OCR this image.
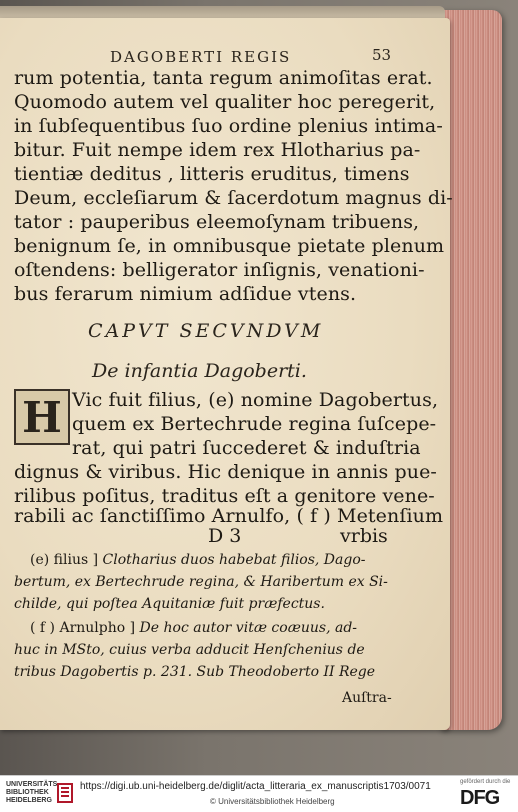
DAGOBERTI REGIS	53
rum potentia, tanta regum animoſitas erat.
Quomodo autem vel qualiter hoc peregerit,
in ſubſequentibus ſuo ordine plenius intima-
bitur. Fuit nempe idem rex Hlotharius pa-
tientiæ deditus , litteris eruditus, timens
Deum, eccleſiarum & ſacerdotum magnus di-
tator : pauperibus eleemoſynam tribuens,
benignum ſe, in omnibusque pietate plenum
oſtendens: belligerator inſignis, venationi-
bus ferarum nimium adſidue vtens.
CAPVT SECVNDVM
De infantia Dagoberti.
H Vic fuit filius, (e) nomine Dagobertus,
quem ex Bertechrude regina ſuſcepe-
rat, qui patri ſuccederet & induſtria
dignus & viribus. Hic denique in annis pue-
rilibus poſitus, traditus eſt a genitore vene-
rabili ac ſanctiſſimo Arnulfo, ( f ) Metenſium
D 3	vrbis
(e) filius ] Clotharius duos habebat filios, Dago-
bertum, ex Bertechrude regina, & Haribertum ex Si-
childe, qui poſtea Aquitaniæ fuit præfectus.
( f ) Arnulpho ] De hoc autor vitæ coæuus, ad-
huc in MSto, cuius verba adducit Henſchenius de
tribus Dagobertis p. 231. Sub Theodoberto II Rege
Auſtra-
UNIVERSITÄTS-
BIBLIOTHEK
HEIDELBERG
https://digi.ub.uni-heidelberg.de/diglit/acta_litteraria_ex_manuscriptis1703/0071
© Universitätsbibliothek Heidelberg
gefördert durch die
DFG
